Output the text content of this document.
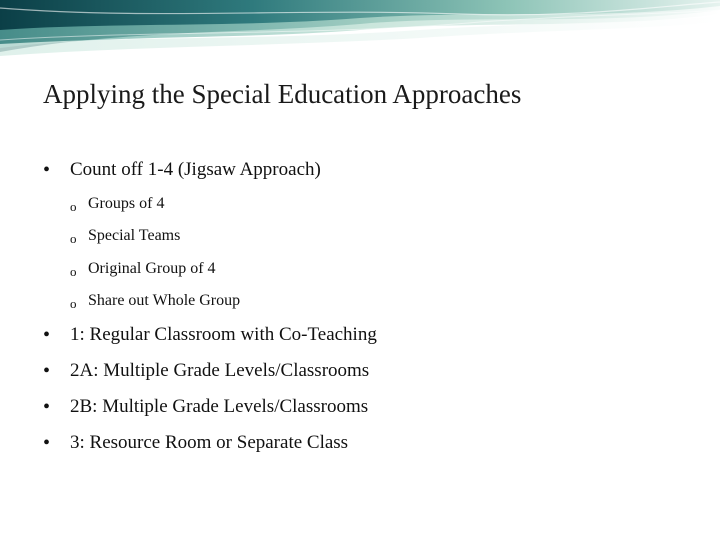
Applying the Special Education Approaches
• Count off 1-4 (Jigsaw Approach)
o Groups of 4
o Special Teams
o Original Group of 4
o Share out Whole Group
• 1: Regular Classroom with Co-Teaching
• 2A: Multiple Grade Levels/Classrooms
• 2B: Multiple Grade Levels/Classrooms
• 3: Resource Room or Separate Class
